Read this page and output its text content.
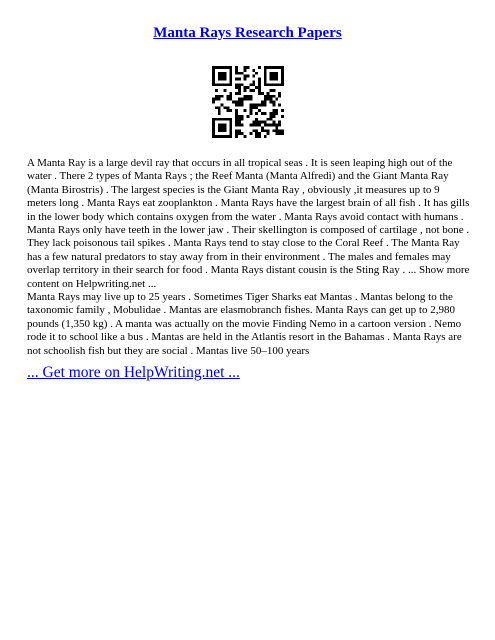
Manta Rays Research Papers

A Manta Ray is a large devil ray that occurs in all tropical seas . It is seen leaping high out of the water . There 2 types of Manta Rays ; the Reef Manta (Manta Alfredi) and the Giant Manta Ray (Manta Birostris) . The largest species is the Giant Manta Ray , obviously ,it measures up to 9 meters long . Manta Rays eat zooplankton . Manta Rays have the largest brain of all fish . It has gills in the lower body which contains oxygen from the water . Manta Rays avoid contact with humans . Manta Rays only have teeth in the lower jaw . Their skellington is composed of cartilage , not bone . They lack poisonous tail spikes . Manta Rays tend to stay close to the Coral Reef . The Manta Ray has a few natural predators to stay away from in their environment . The males and females may overlap territory in their search for food . Manta Rays distant cousin is the Sting Ray . ... Show more content on Helpwriting.net ...

Manta Rays may live up to 25 years . Sometimes Tiger Sharks eat Mantas . Mantas belong to the taxonomic family , Mobulidae . Mantas are elasmobranch fishes. Manta Rays can get up to 2,980 pounds (1,350 kg) . A manta was actually on the movie Finding Nemo in a cartoon version . Nemo rode it to school like a bus . Mantas are held in the Atlantis resort in the Bahamas . Manta Rays are not schoolish fish but they are social . Mantas live 50–100 years

... Get more on HelpWriting.net ...
